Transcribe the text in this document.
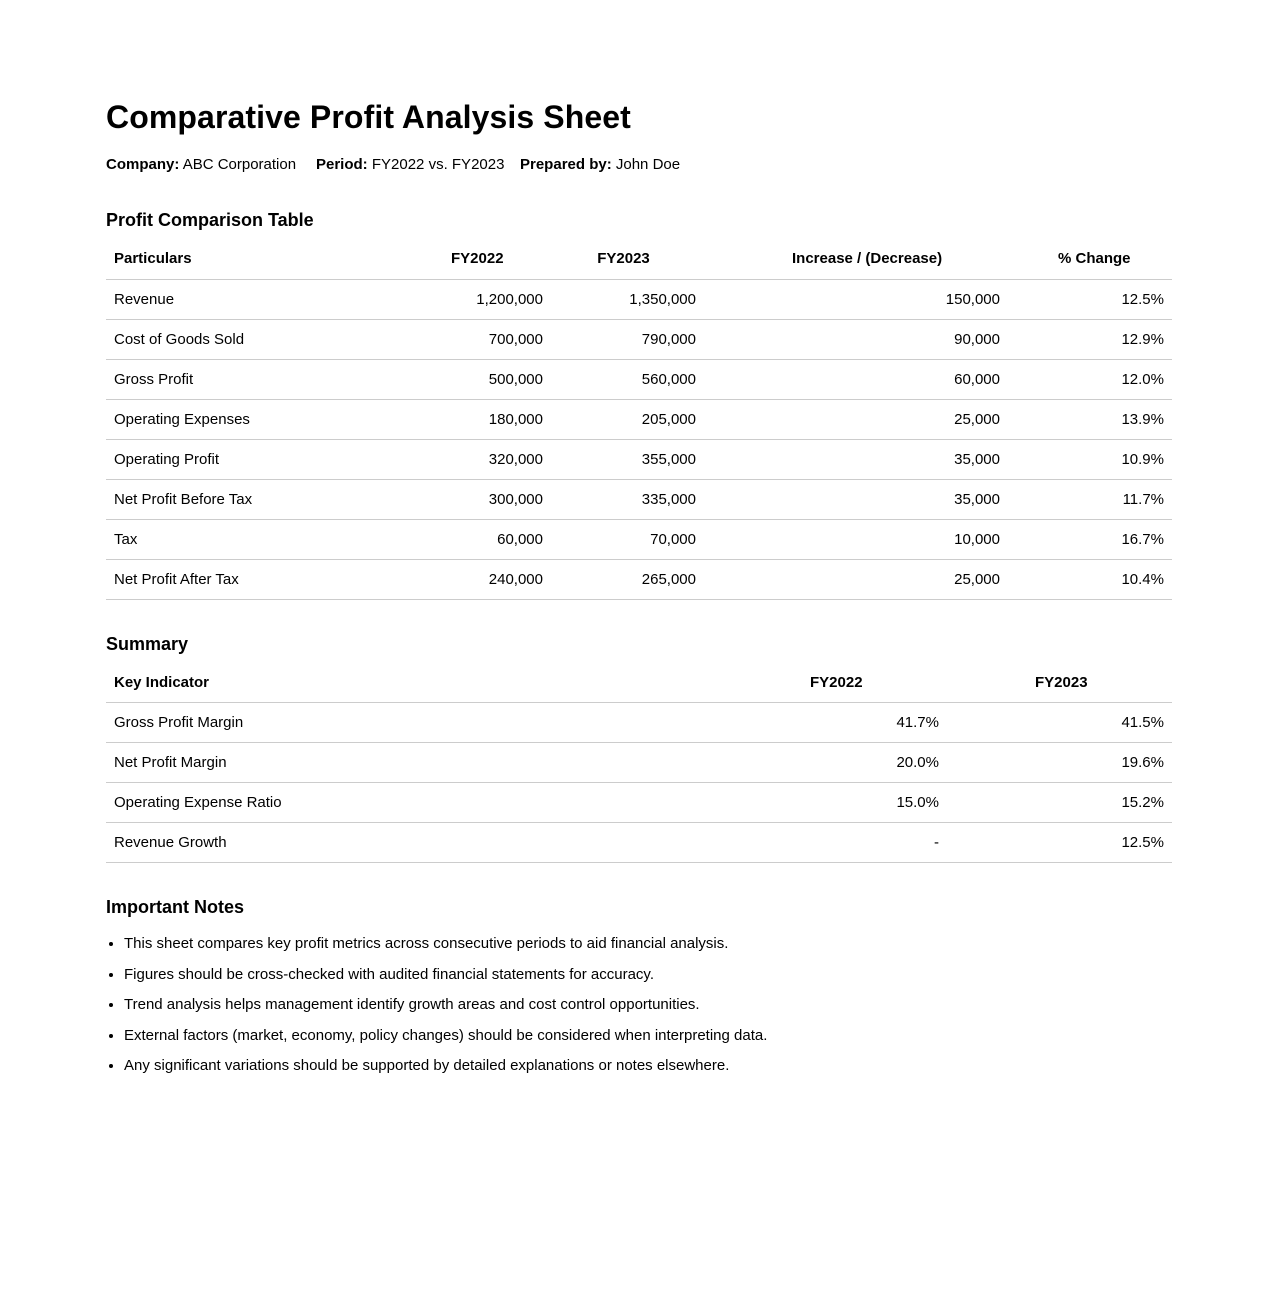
Comparative Profit Analysis Sheet
Company: ABC Corporation Period: FY2022 vs. FY2023 Prepared by: John Doe
Profit Comparison Table
Particulars	FY2022	FY2023	Increase / (Decrease)	% Change
Revenue	1,200,000	1,350,000	150,000	12.5%
Cost of Goods Sold	700,000	790,000	90,000	12.9%
Gross Profit	500,000	560,000	60,000	12.0%
Operating Expenses	180,000	205,000	25,000	13.9%
Operating Profit	320,000	355,000	35,000	10.9%
Net Profit Before Tax	300,000	335,000	35,000	11.7%
Tax	60,000	70,000	10,000	16.7%
Net Profit After Tax	240,000	265,000	25,000	10.4%
Summary
Key Indicator	FY2022	FY2023
Gross Profit Margin	41.7%	41.5%
Net Profit Margin	20.0%	19.6%
Operating Expense Ratio	15.0%	15.2%
Revenue Growth	-	12.5%
Important Notes
• This sheet compares key profit metrics across consecutive periods to aid financial analysis.
• Figures should be cross-checked with audited financial statements for accuracy.
• Trend analysis helps management identify growth areas and cost control opportunities.
• External factors (market, economy, policy changes) should be considered when interpreting data.
• Any significant variations should be supported by detailed explanations or notes elsewhere.
